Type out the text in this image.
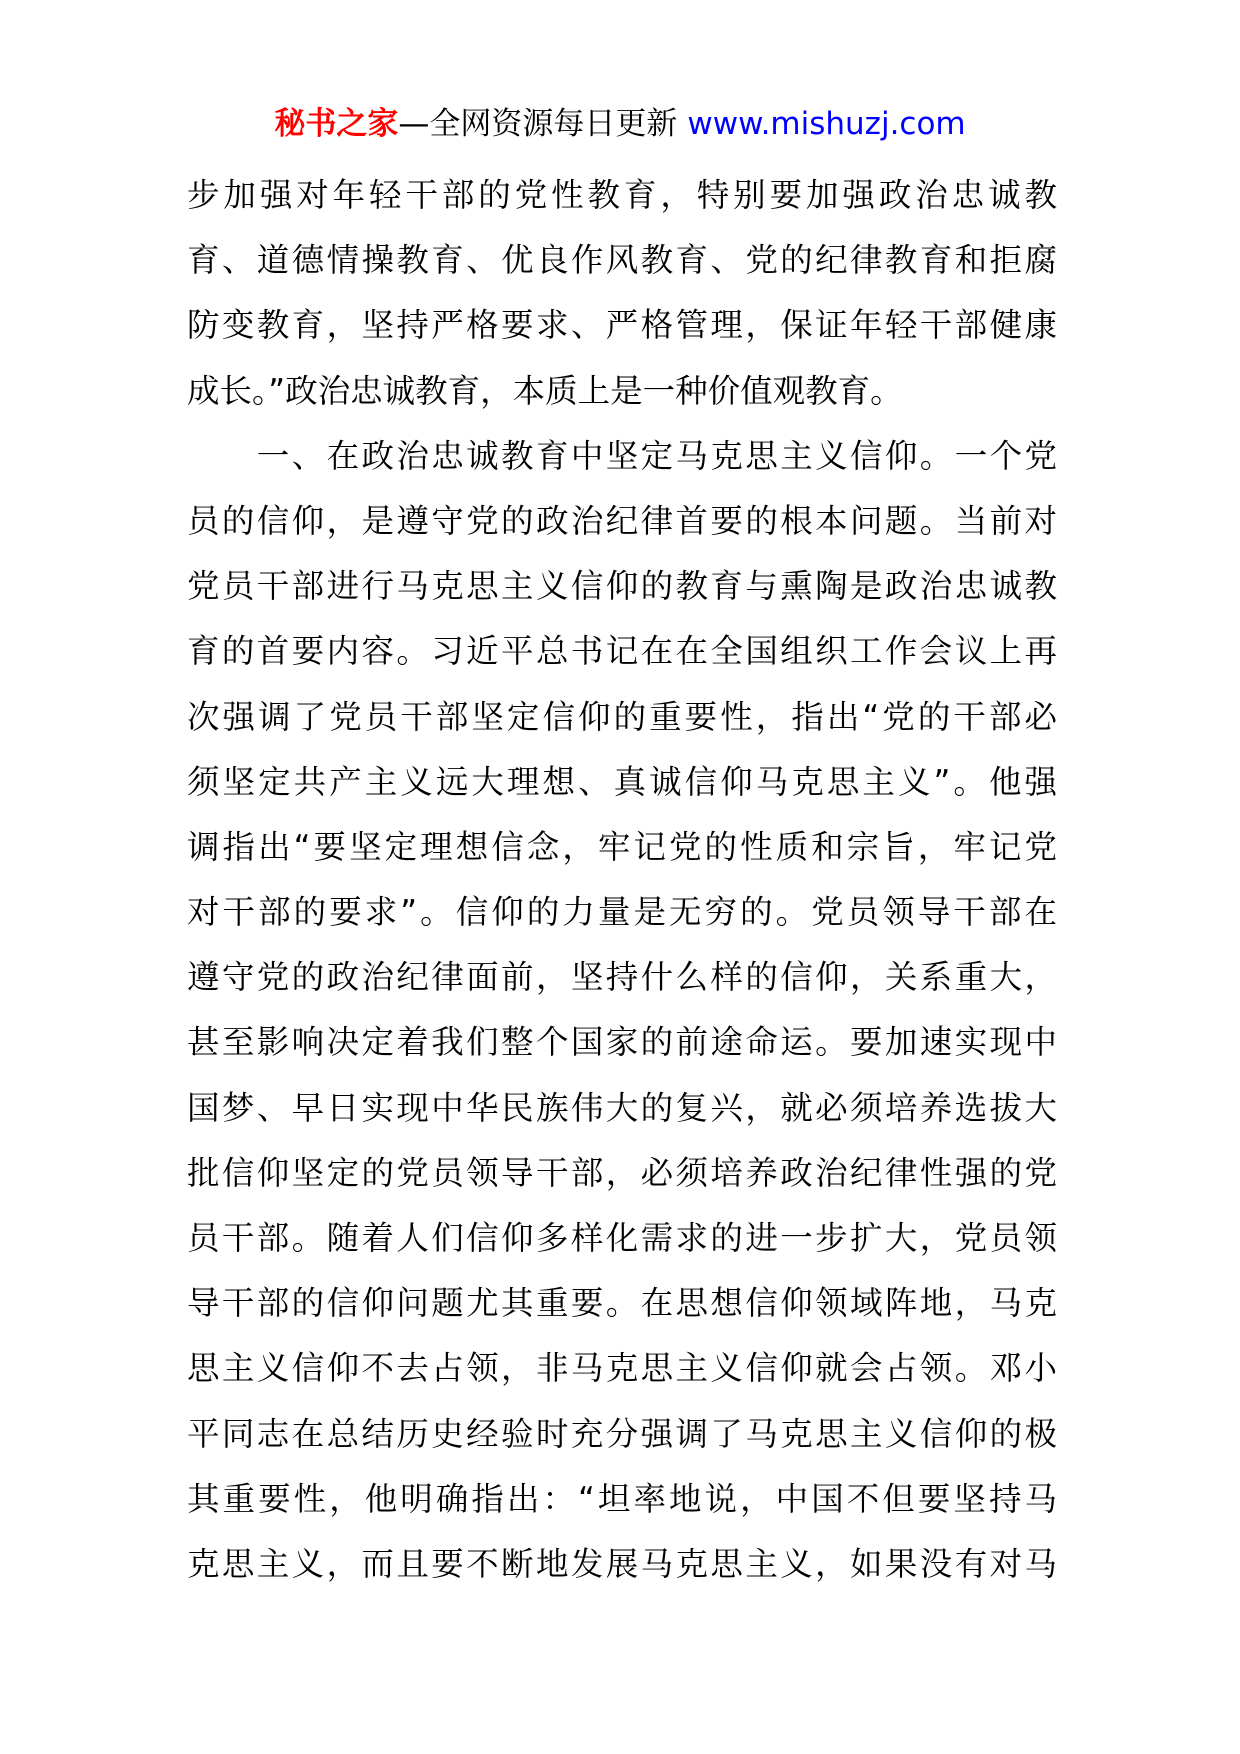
秘书之家—全网资源每日更新 www.mishuzj.com
步加强对年轻干部的党性教育，特别要加强政治忠诚教
育、道德情操教育、优良作风教育、党的纪律教育和拒腐
防变教育，坚持严格要求、严格管理，保证年轻干部健康
成长。”政治忠诚教育，本质上是一种价值观教育。
　　一、在政治忠诚教育中坚定马克思主义信仰。一个党
员的信仰，是遵守党的政治纪律首要的根本问题。当前对
党员干部进行马克思主义信仰的教育与熏陶是政治忠诚教
育的首要内容。习近平总书记在在全国组织工作会议上再
次强调了党员干部坚定信仰的重要性，指出“党的干部必
须坚定共产主义远大理想、真诚信仰马克思主义”。他强
调指出“要坚定理想信念，牢记党的性质和宗旨，牢记党
对干部的要求”。信仰的力量是无穷的。党员领导干部在
遵守党的政治纪律面前，坚持什么样的信仰，关系重大，
甚至影响决定着我们整个国家的前途命运。要加速实现中
国梦、早日实现中华民族伟大的复兴，就必须培养选拔大
批信仰坚定的党员领导干部，必须培养政治纪律性强的党
员干部。随着人们信仰多样化需求的进一步扩大，党员领
导干部的信仰问题尤其重要。在思想信仰领域阵地，马克
思主义信仰不去占领，非马克思主义信仰就会占领。邓小
平同志在总结历史经验时充分强调了马克思主义信仰的极
其重要性，他明确指出：“坦率地说，中国不但要坚持马
克思主义，而且要不断地发展马克思主义，如果没有对马
